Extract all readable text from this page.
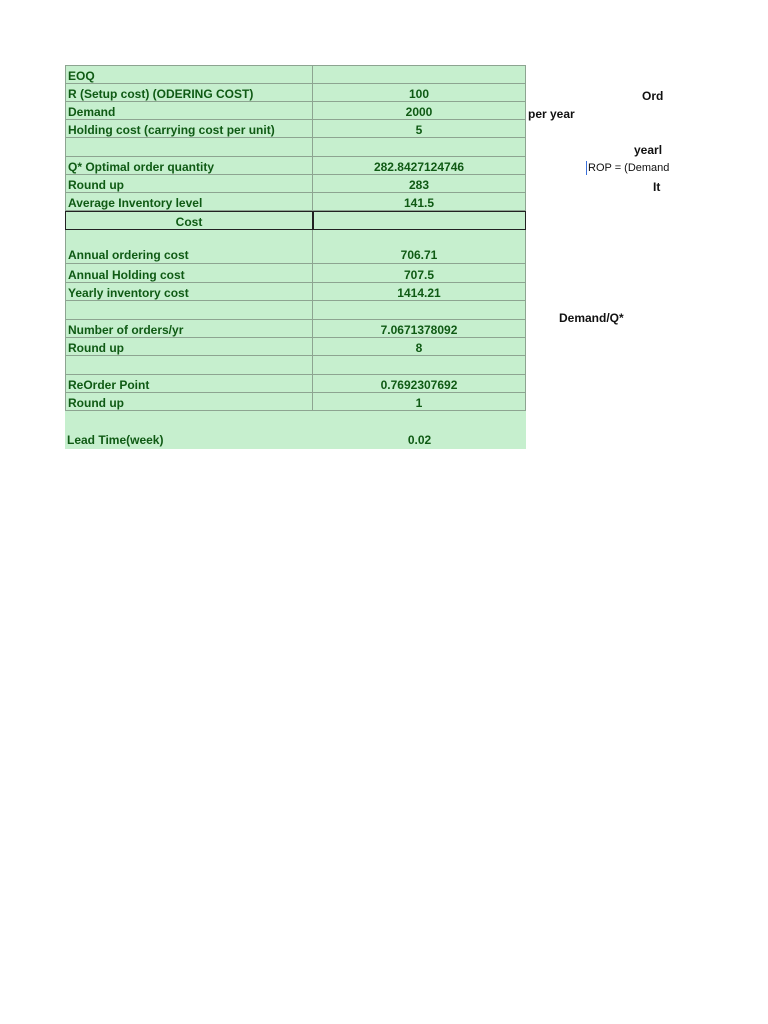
EOQ
R (Setup cost) (ODERING COST)	100
Demand	2000
Holding cost (carrying cost per unit)	5
Q* Optimal order quantity	282.8427124746
Round up	283
Average Inventory level	141.5
Cost
Annual ordering cost	706.71
Annual Holding cost	707.5
Yearly inventory cost	1414.21
Number of orders/yr	7.0671378092
Round up	8
ReOrder Point	0.7692307692
Round up	1
Lead Time(week)	0.02
Ord
per year
yearl
ROP = (Demand
It
Demand/Q*
